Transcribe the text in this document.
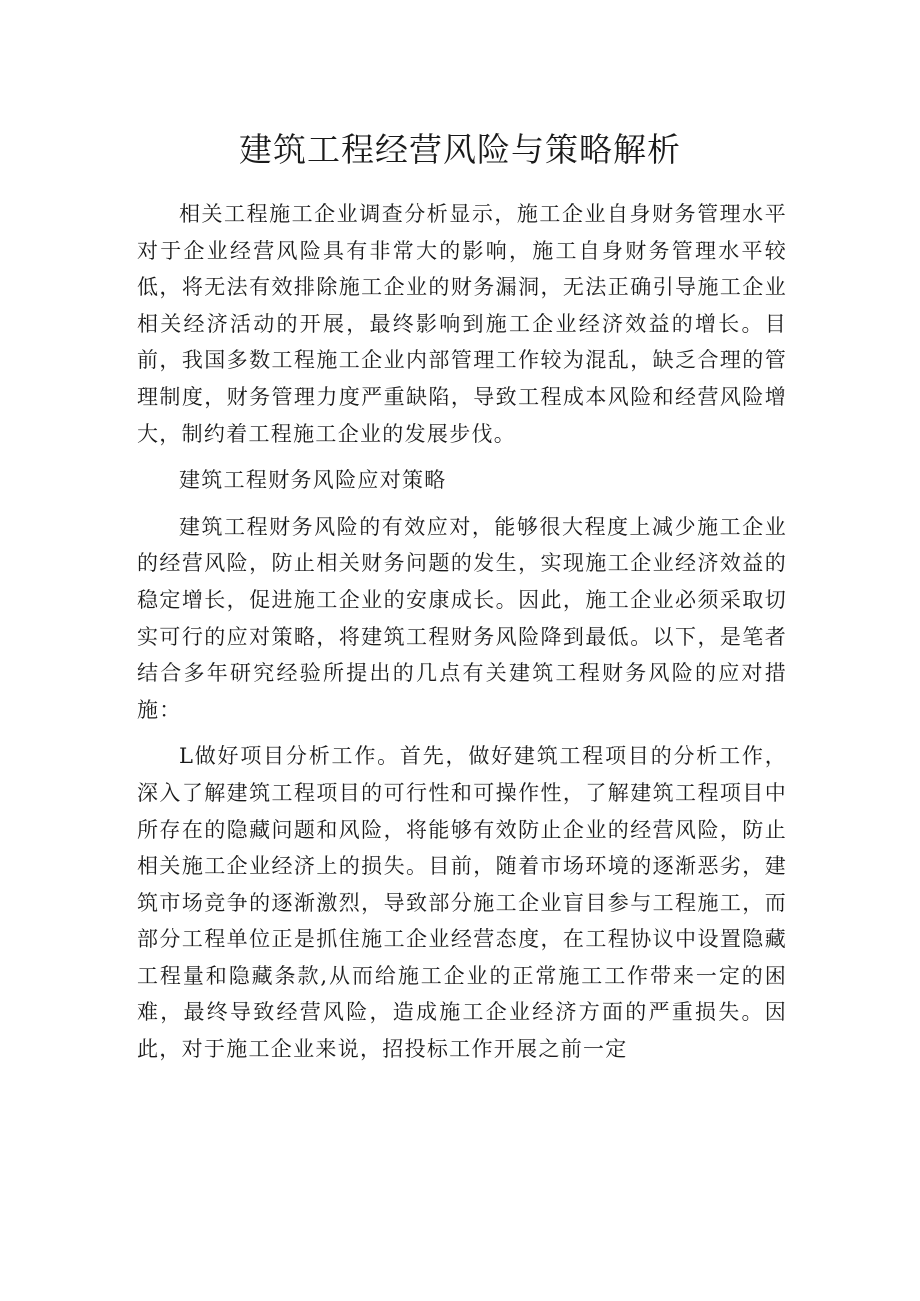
建筑工程经营风险与策略解析

相关工程施工企业调查分析显示，施工企业自身财务管理水平对于企业经营风险具有非常大的影响，施工自身财务管理水平较低，将无法有效排除施工企业的财务漏洞，无法正确引导施工企业相关经济活动的开展，最终影响到施工企业经济效益的增长。目前，我国多数工程施工企业内部管理工作较为混乱，缺乏合理的管理制度，财务管理力度严重缺陷，导致工程成本风险和经营风险增大，制约着工程施工企业的发展步伐。

建筑工程财务风险应对策略

建筑工程财务风险的有效应对，能够很大程度上减少施工企业的经营风险，防止相关财务问题的发生，实现施工企业经济效益的稳定增长，促进施工企业的安康成长。因此，施工企业必须采取切实可行的应对策略，将建筑工程财务风险降到最低。以下，是笔者结合多年研究经验所提出的几点有关建筑工程财务风险的应对措施：

L做好项目分析工作。首先，做好建筑工程项目的分析工作，深入了解建筑工程项目的可行性和可操作性，了解建筑工程项目中所存在的隐藏问题和风险，将能够有效防止企业的经营风险，防止相关施工企业经济上的损失。目前，随着市场环境的逐渐恶劣，建筑市场竞争的逐渐激烈，导致部分施工企业盲目参与工程施工，而部分工程单位正是抓住施工企业经营态度，在工程协议中设置隐藏工程量和隐藏条款,从而给施工企业的正常施工工作带来一定的困难，最终导致经营风险，造成施工企业经济方面的严重损失。因此，对于施工企业来说，招投标工作开展之前一定
